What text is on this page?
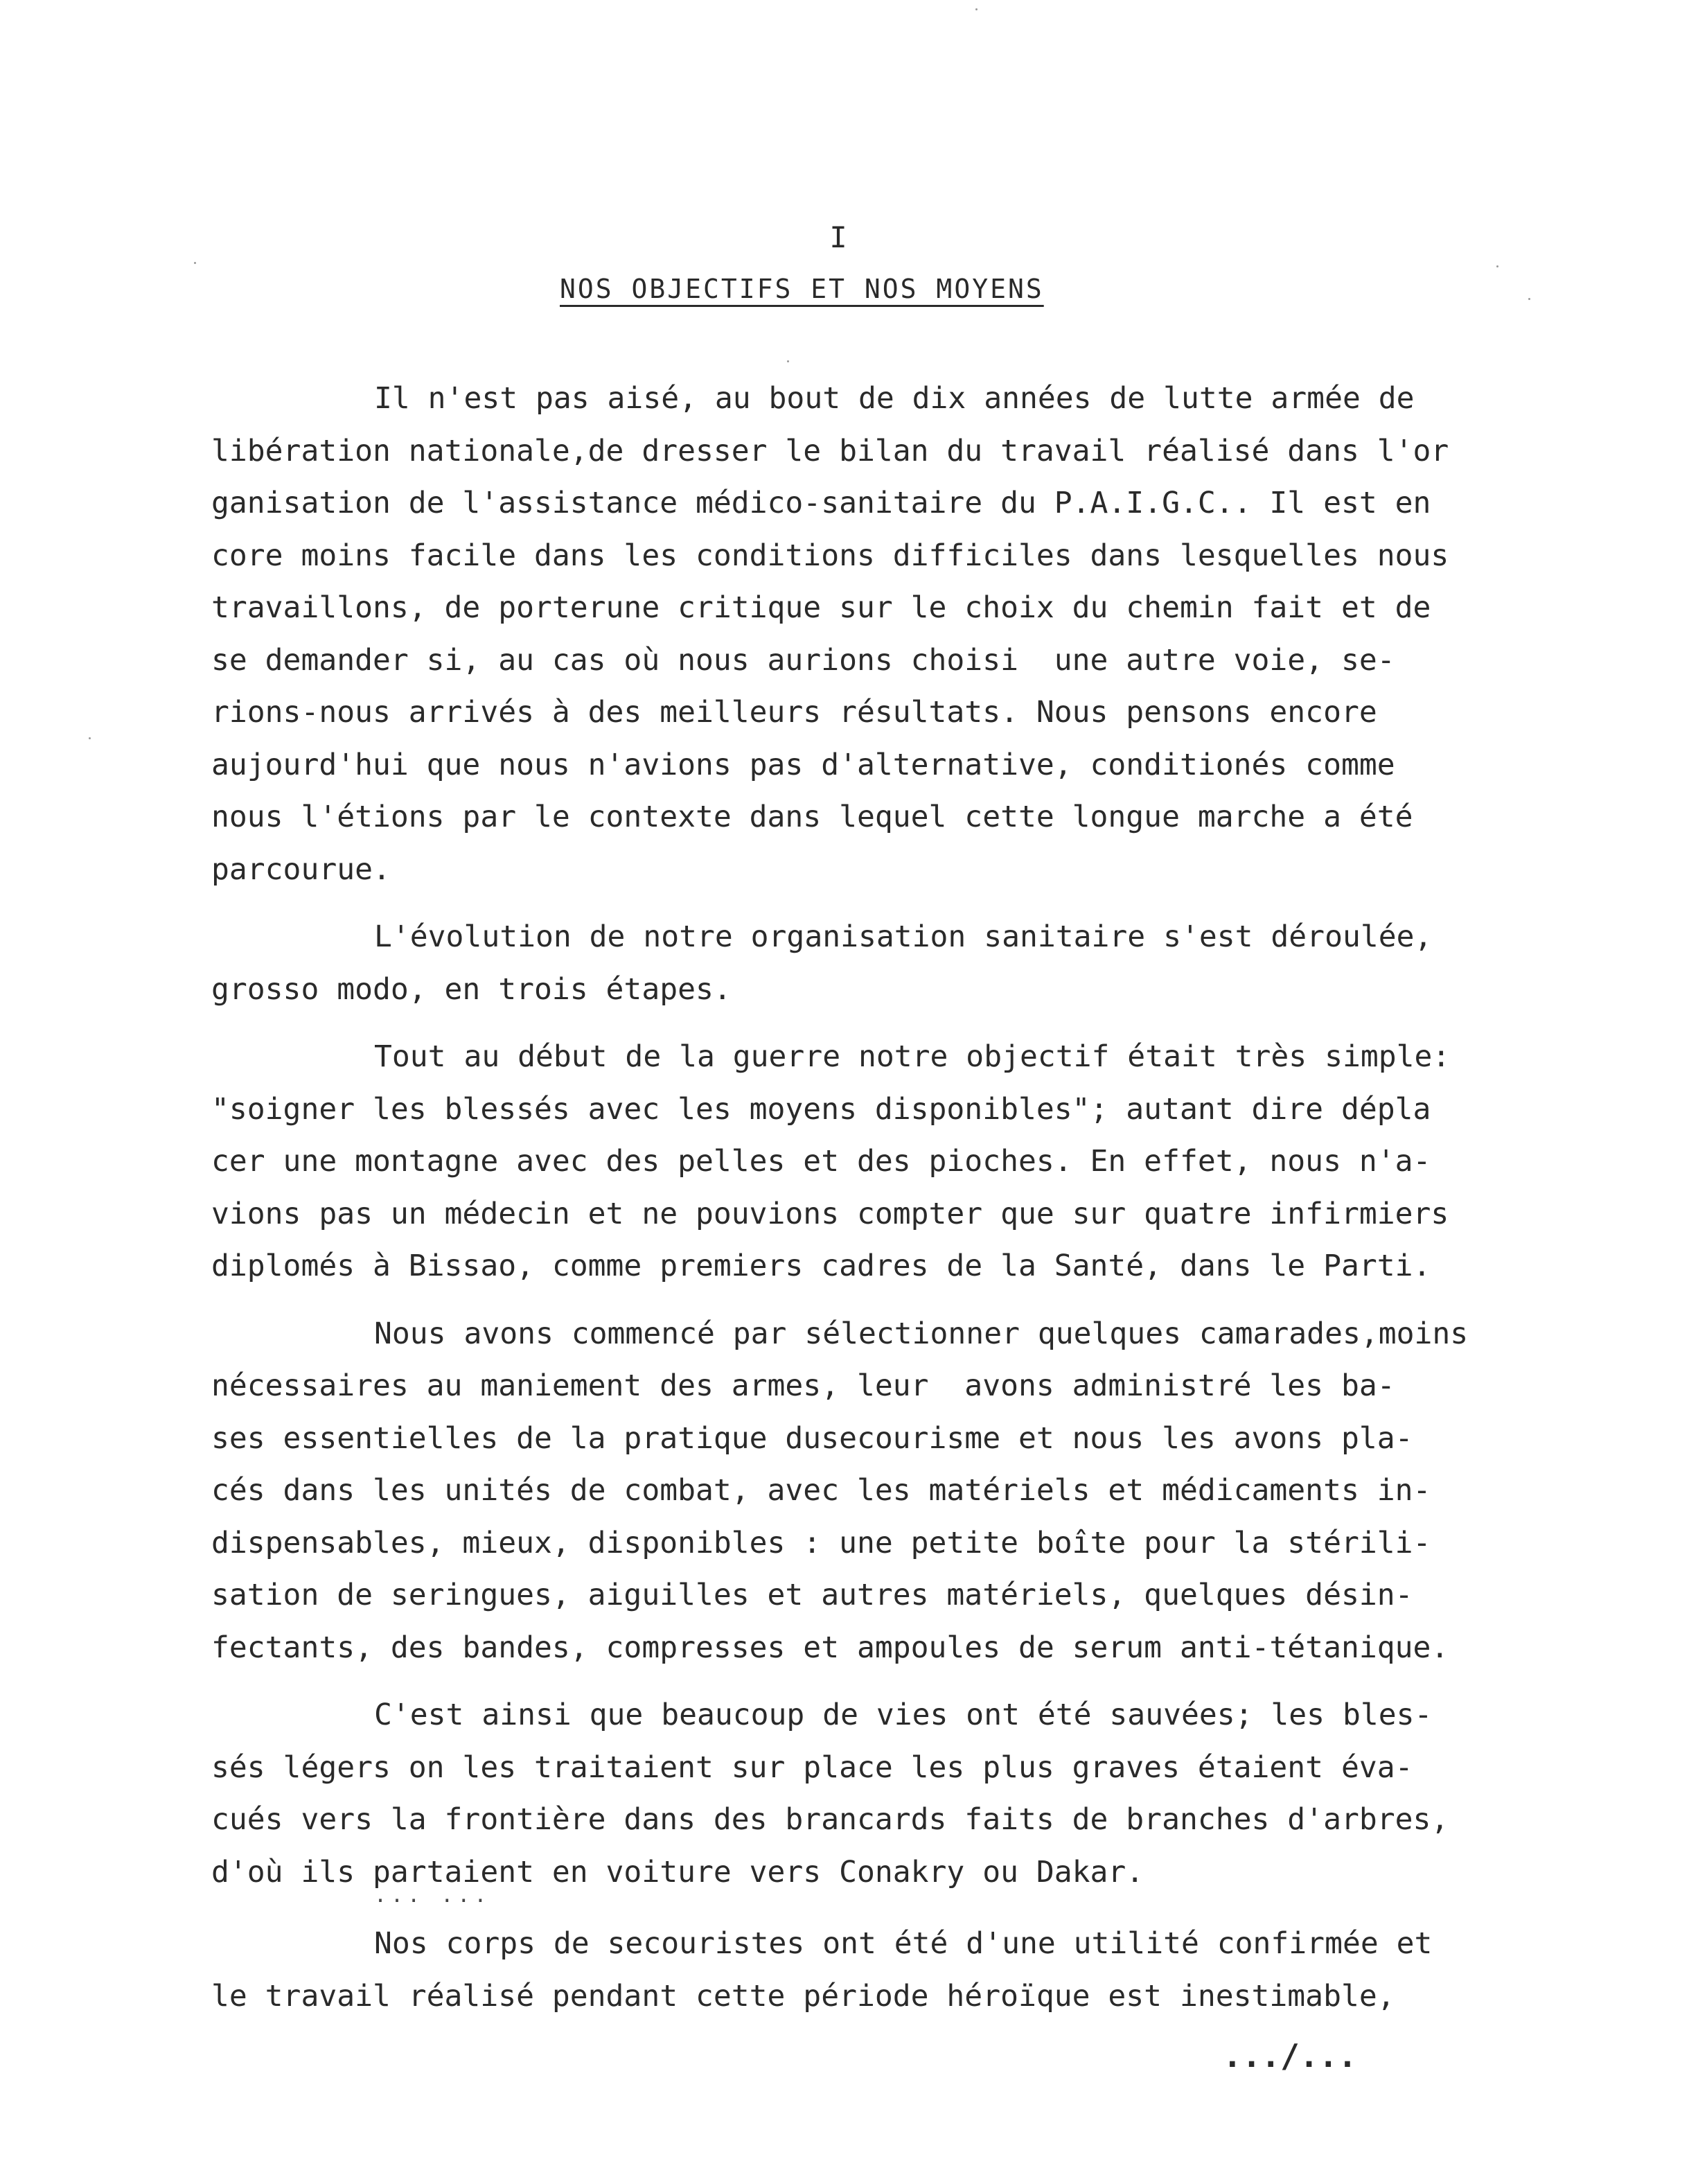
I
NOS OBJECTIFS ET NOS MOYENS
Il n'est pas aisé, au bout de dix années de lutte armée de
libération nationale,de dresser le bilan du travail réalisé dans l'or
ganisation de l'assistance médico-sanitaire du P.A.I.G.C.. Il est en
core moins facile dans les conditions difficiles dans lesquelles nous
travaillons, de porterune critique sur le choix du chemin fait et de
se demander si, au cas où nous aurions choisi  une autre voie, se-
rions-nous arrivés à des meilleurs résultats. Nous pensons encore
aujourd'hui que nous n'avions pas d'alternative, conditionés comme
nous l'étions par le contexte dans lequel cette longue marche a été
parcourue.
L'évolution de notre organisation sanitaire s'est déroulée,
grosso modo, en trois étapes.
Tout au début de la guerre notre objectif était très simple:
"soigner les blessés avec les moyens disponibles"; autant dire dépla
cer une montagne avec des pelles et des pioches. En effet, nous n'a-
vions pas un médecin et ne pouvions compter que sur quatre infirmiers
diplomés à Bissao, comme premiers cadres de la Santé, dans le Parti.
Nous avons commencé par sélectionner quelques camarades,moins
nécessaires au maniement des armes, leur  avons administré les ba-
ses essentielles de la pratique dusecourisme et nous les avons pla-
cés dans les unités de combat, avec les matériels et médicaments in-
dispensables, mieux, disponibles : une petite boîte pour la stérili-
sation de seringues, aiguilles et autres matériels, quelques désin-
fectants, des bandes, compresses et ampoules de serum anti-tétanique.
C'est ainsi que beaucoup de vies ont été sauvées; les bles-
sés légers on les traitaient sur place les plus graves étaient éva-
cués vers la frontière dans des brancards faits de branches d'arbres,
d'où ils partaient en voiture vers Conakry ou Dakar.
Nos corps de secouristes ont été d'une utilité confirmée et
le travail réalisé pendant cette période héroïque est inestimable,
... ...
.../...
